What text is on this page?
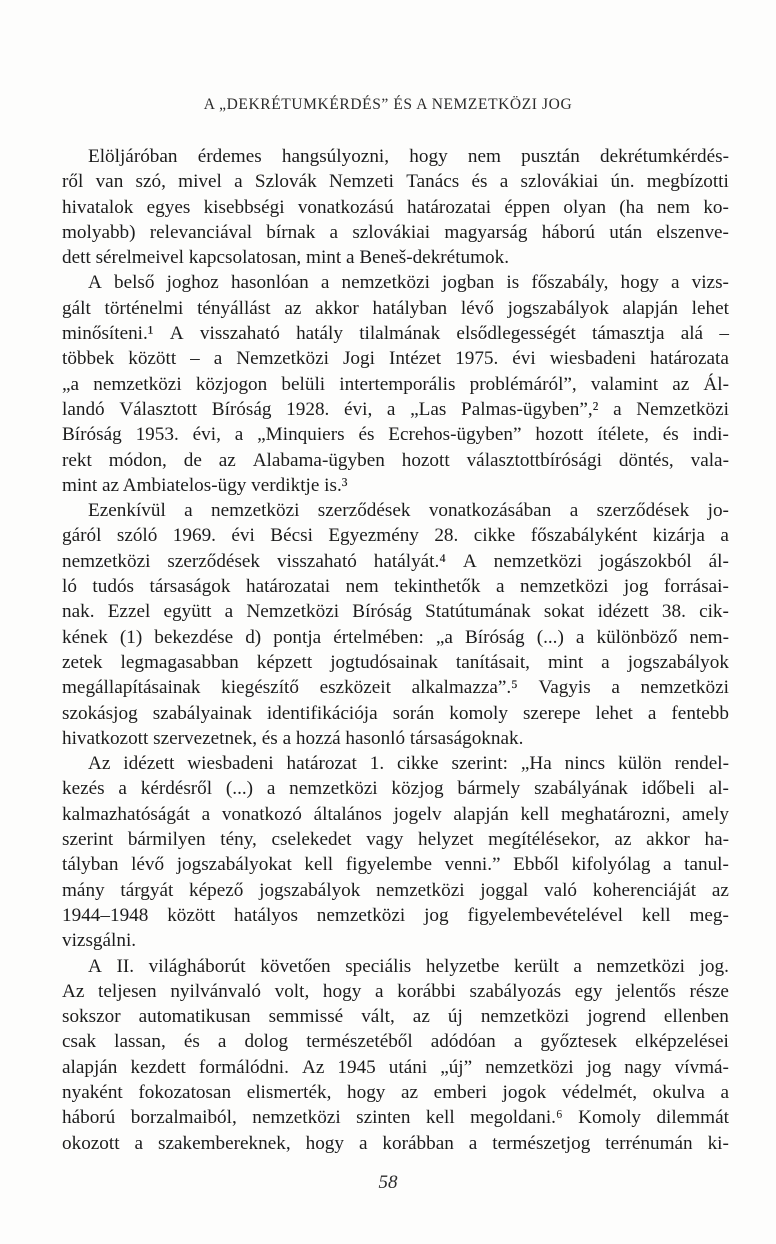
A „DEKRÉTUMKÉRDÉS” ÉS A NEMZETKÖZI JOG
Elöljáróban érdemes hangsúlyozni, hogy nem pusztán dekrétumkérdés-
ről van szó, mivel a Szlovák Nemzeti Tanács és a szlovákiai ún. megbízotti
hivatalok egyes kisebbségi vonatkozású határozatai éppen olyan (ha nem ko-
molyabb) relevanciával bírnak a szlovákiai magyarság háború után elszenve-
dett sérelmeivel kapcsolatosan, mint a Beneš-dekrétumok.
A belső joghoz hasonlóan a nemzetközi jogban is főszabály, hogy a vizs-
gált történelmi tényállást az akkor hatályban lévő jogszabályok alapján lehet
minősíteni.¹ A visszaható hatály tilalmának elsődlegességét támasztja alá –
többek között – a Nemzetközi Jogi Intézet 1975. évi wiesbadeni határozata
„a nemzetközi közjogon belüli intertemporális problémáról”, valamint az Ál-
landó Választott Bíróság 1928. évi, a „Las Palmas-ügyben”,² a Nemzetközi
Bíróság 1953. évi, a „Minquiers és Ecrehos-ügyben” hozott ítélete, és indi-
rekt módon, de az Alabama-ügyben hozott választottbírósági döntés, vala-
mint az Ambiatelos-ügy verdiktje is.³
Ezenkívül a nemzetközi szerződések vonatkozásában a szerződések jo-
gáról szóló 1969. évi Bécsi Egyezmény 28. cikke főszabályként kizárja a
nemzetközi szerződések visszaható hatályát.⁴ A nemzetközi jogászokból ál-
ló tudós társaságok határozatai nem tekinthetők a nemzetközi jog forrásai-
nak. Ezzel együtt a Nemzetközi Bíróság Statútumának sokat idézett 38. cik-
kének (1) bekezdése d) pontja értelmében: „a Bíróság (...) a különböző nem-
zetek legmagasabban képzett jogtudósainak tanításait, mint a jogszabályok
megállapításainak kiegészítő eszközeit alkalmazza”.⁵ Vagyis a nemzetközi
szokásjog szabályainak identifikációja során komoly szerepe lehet a fentebb
hivatkozott szervezetnek, és a hozzá hasonló társaságoknak.
Az idézett wiesbadeni határozat 1. cikke szerint: „Ha nincs külön rendel-
kezés a kérdésről (...) a nemzetközi közjog bármely szabályának időbeli al-
kalmazhatóságát a vonatkozó általános jogelv alapján kell meghatározni, amely
szerint bármilyen tény, cselekedet vagy helyzet megítélésekor, az akkor ha-
tályban lévő jogszabályokat kell figyelembe venni.” Ebből kifolyólag a tanul-
mány tárgyát képező jogszabályok nemzetközi joggal való koherenciáját az
1944–1948 között hatályos nemzetközi jog figyelembevételével kell meg-
vizsgálni.
A II. világháborút követően speciális helyzetbe került a nemzetközi jog.
Az teljesen nyilvánvaló volt, hogy a korábbi szabályozás egy jelentős része
sokszor automatikusan semmissé vált, az új nemzetközi jogrend ellenben
csak lassan, és a dolog természetéből adódóan a győztesek elképzelései
alapján kezdett formálódni. Az 1945 utáni „új” nemzetközi jog nagy vívmá-
nyaként fokozatosan elismerték, hogy az emberi jogok védelmét, okulva a
háború borzalmaiból, nemzetközi szinten kell megoldani.⁶ Komoly dilemmát
okozott a szakembereknek, hogy a korábban a természetjog terrénumán ki-
58
